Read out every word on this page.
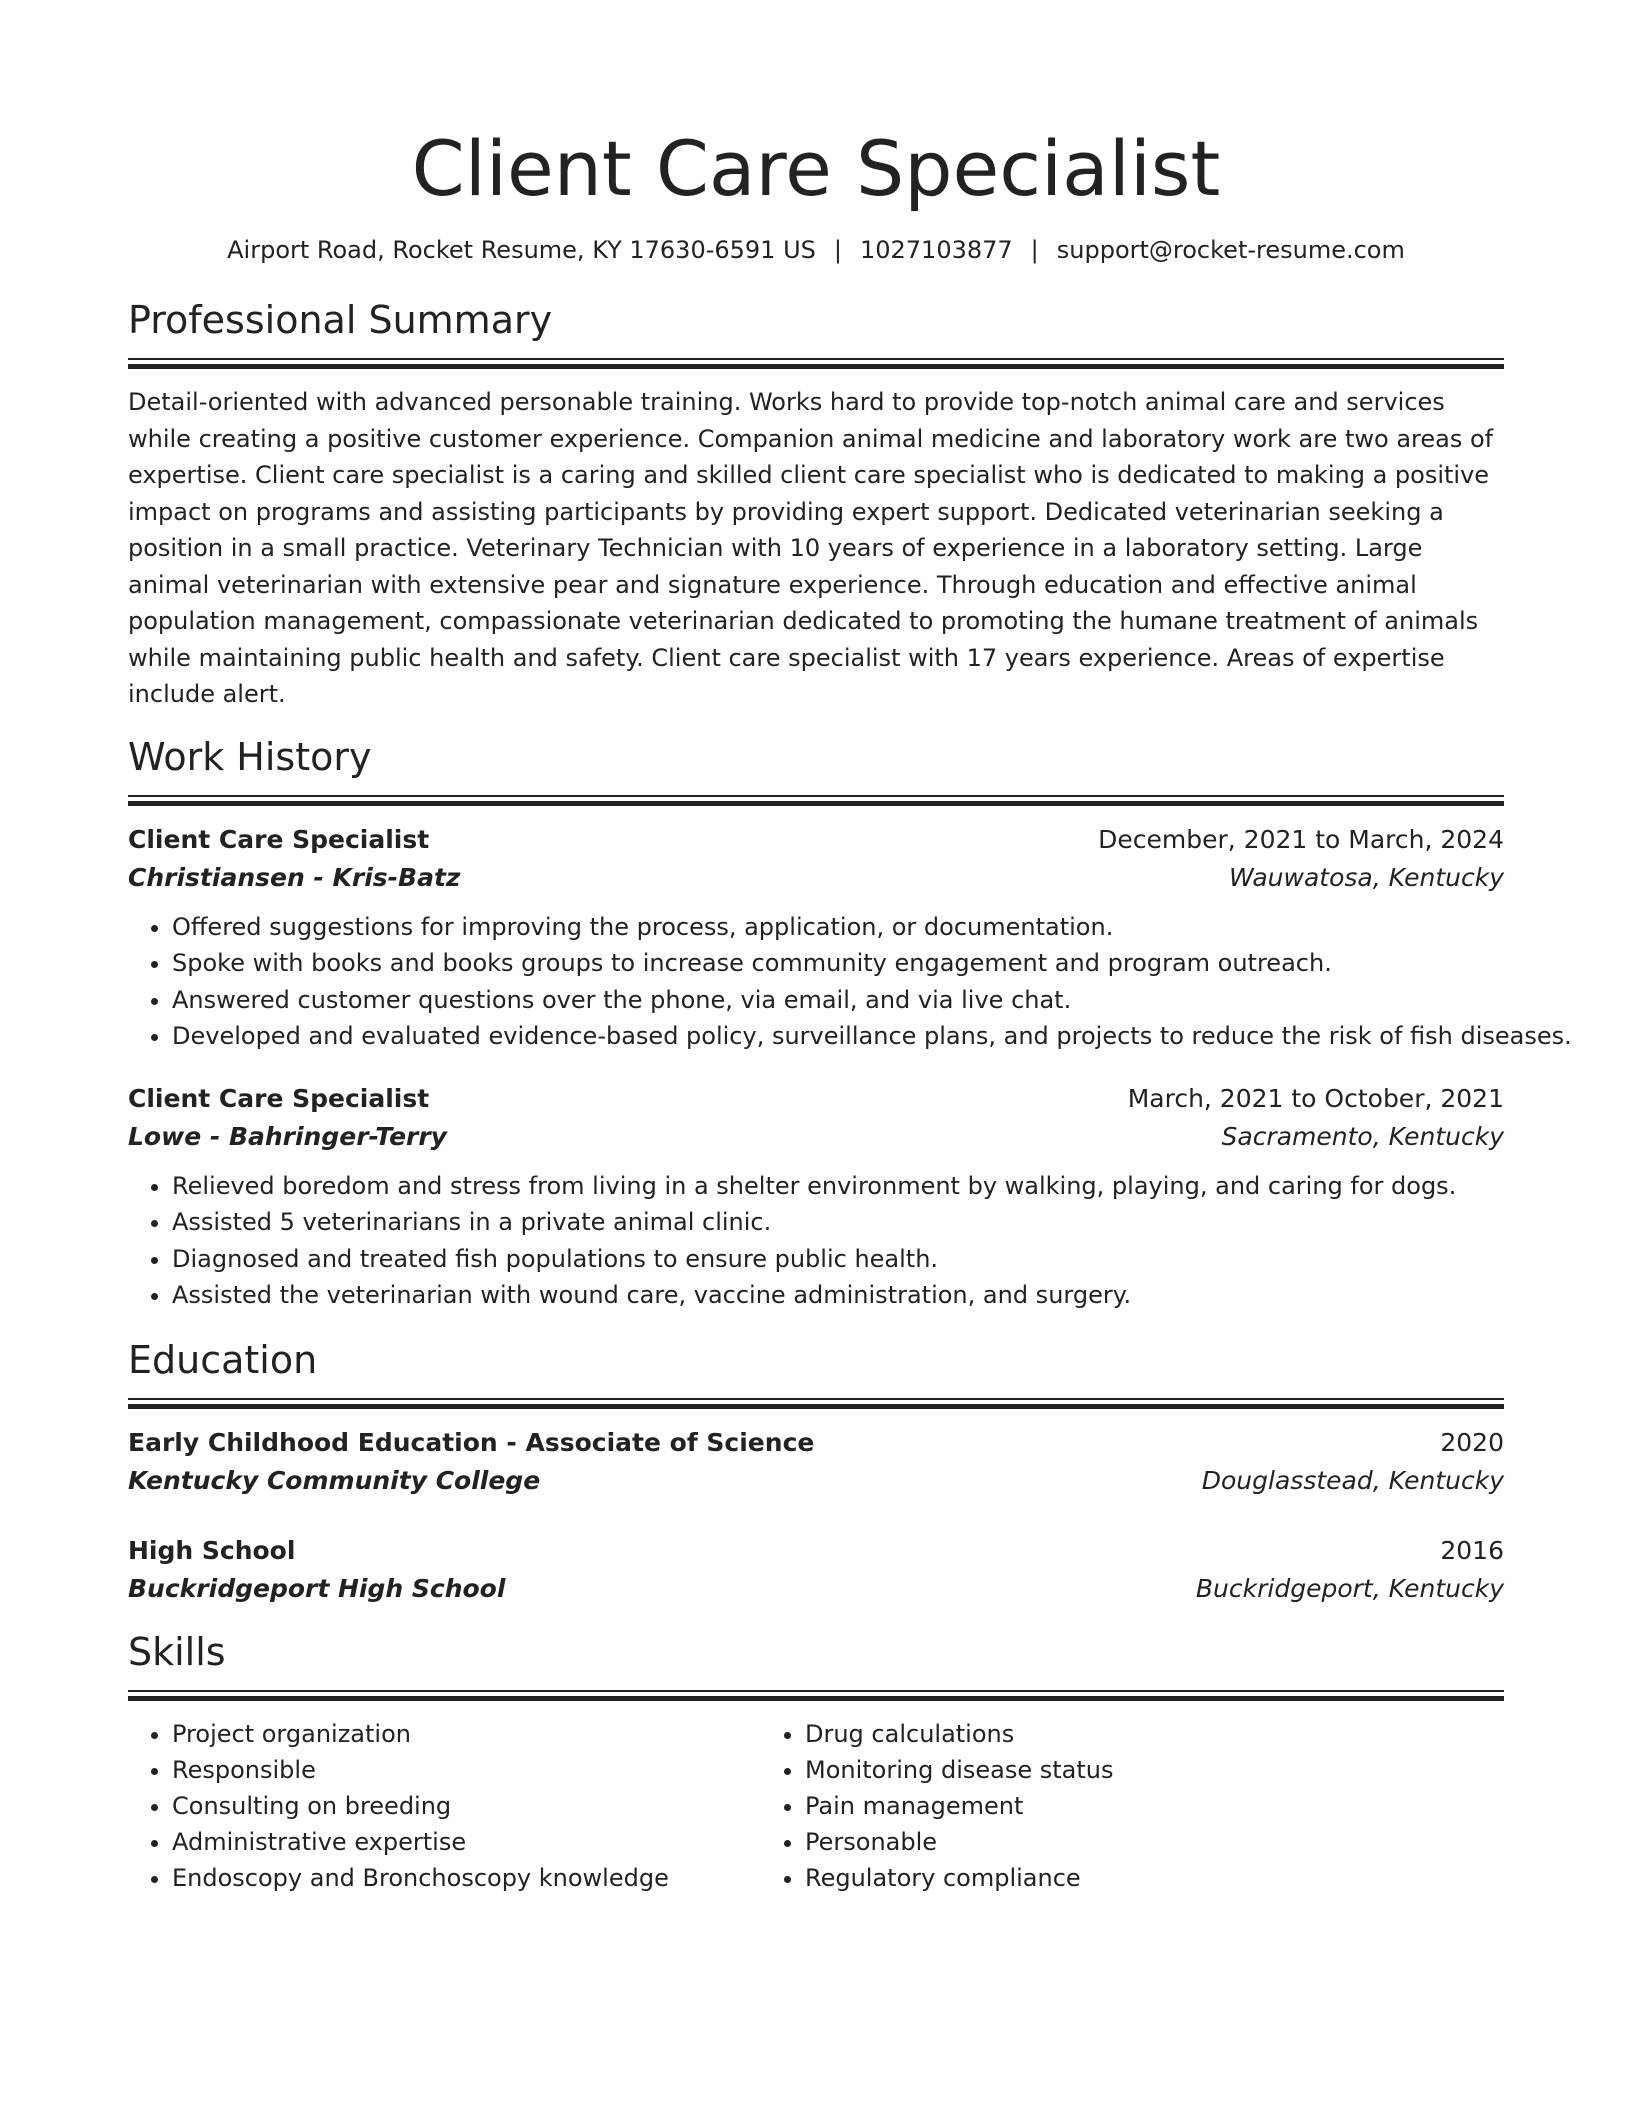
Client Care Specialist
Airport Road, Rocket Resume, KY 17630-6591 US | 1027103877 | support@rocket-resume.com
Professional Summary
Detail-oriented with advanced personable training. Works hard to provide top-notch animal care and services while creating a positive customer experience. Companion animal medicine and laboratory work are two areas of expertise. Client care specialist is a caring and skilled client care specialist who is dedicated to making a positive impact on programs and assisting participants by providing expert support. Dedicated veterinarian seeking a position in a small practice. Veterinary Technician with 10 years of experience in a laboratory setting. Large animal veterinarian with extensive pear and signature experience. Through education and effective animal population management, compassionate veterinarian dedicated to promoting the humane treatment of animals while maintaining public health and safety. Client care specialist with 17 years experience. Areas of expertise include alert.
Work History
Client Care Specialist	December, 2021 to March, 2024
Christiansen - Kris-Batz	Wauwatosa, Kentucky
• Offered suggestions for improving the process, application, or documentation.
• Spoke with books and books groups to increase community engagement and program outreach.
• Answered customer questions over the phone, via email, and via live chat.
• Developed and evaluated evidence-based policy, surveillance plans, and projects to reduce the risk of fish diseases.
Client Care Specialist	March, 2021 to October, 2021
Lowe - Bahringer-Terry	Sacramento, Kentucky
• Relieved boredom and stress from living in a shelter environment by walking, playing, and caring for dogs.
• Assisted 5 veterinarians in a private animal clinic.
• Diagnosed and treated fish populations to ensure public health.
• Assisted the veterinarian with wound care, vaccine administration, and surgery.
Education
Early Childhood Education - Associate of Science	2020
Kentucky Community College	Douglasstead, Kentucky
High School	2016
Buckridgeport High School	Buckridgeport, Kentucky
Skills
• Project organization
• Responsible
• Consulting on breeding
• Administrative expertise
• Endoscopy and Bronchoscopy knowledge
• Drug calculations
• Monitoring disease status
• Pain management
• Personable
• Regulatory compliance
